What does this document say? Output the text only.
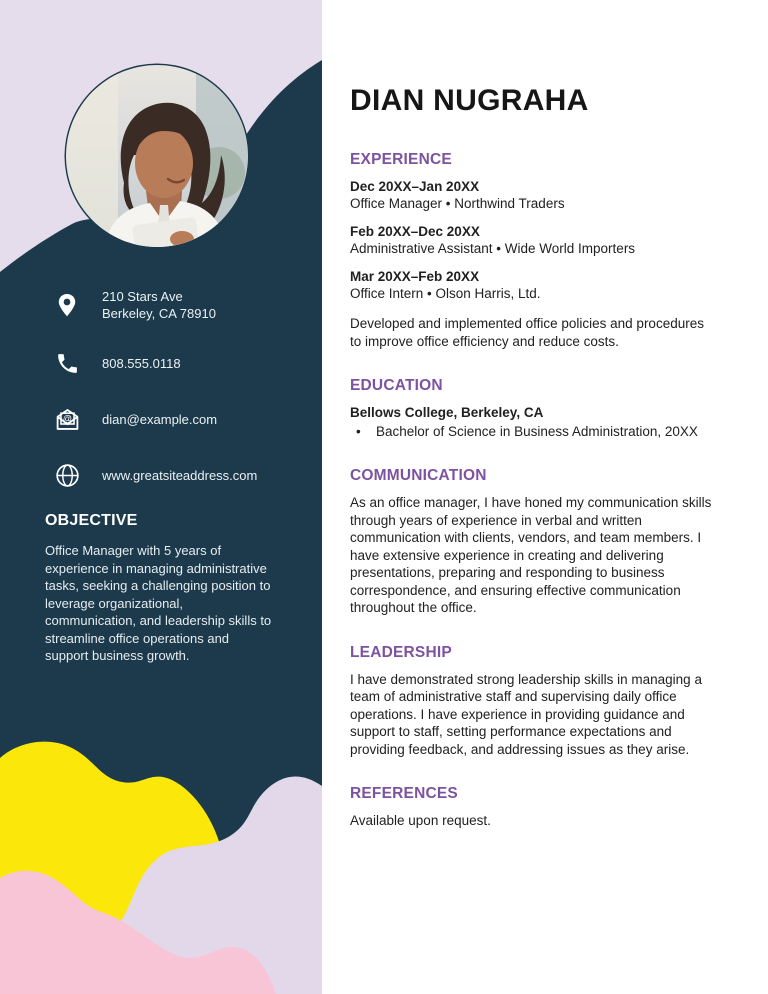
210 Stars Ave
Berkeley, CA 78910
808.555.0118
@ dian@example.com
www.greatsiteaddress.com
OBJECTIVE

Office Manager with 5 years of experience in managing administrative tasks, seeking a challenging position to leverage organizational, communication, and leadership skills to streamline office operations and support business growth.

DIAN NUGRAHA
EXPERIENCE

Dec 20XX–Jan 20XX

Office Manager • Northwind Traders

Feb 20XX–Dec 20XX

Administrative Assistant • Wide World Importers

Mar 20XX–Feb 20XX

Office Intern • Olson Harris, Ltd.

Developed and implemented office policies and procedures to improve office efficiency and reduce costs.

EDUCATION

Bellows College, Berkeley, CA

•	Bachelor of Science in Business Administration, 20XX
COMMUNICATION

As an office manager, I have honed my communication skills through years of experience in verbal and written communication with clients, vendors, and team members. I have extensive experience in creating and delivering presentations, preparing and responding to business correspondence, and ensuring effective communication throughout the office.

LEADERSHIP

I have demonstrated strong leadership skills in managing a team of administrative staff and supervising daily office operations. I have experience in providing guidance and support to staff, setting performance expectations and providing feedback, and addressing issues as they arise.

REFERENCES

Available upon request.
